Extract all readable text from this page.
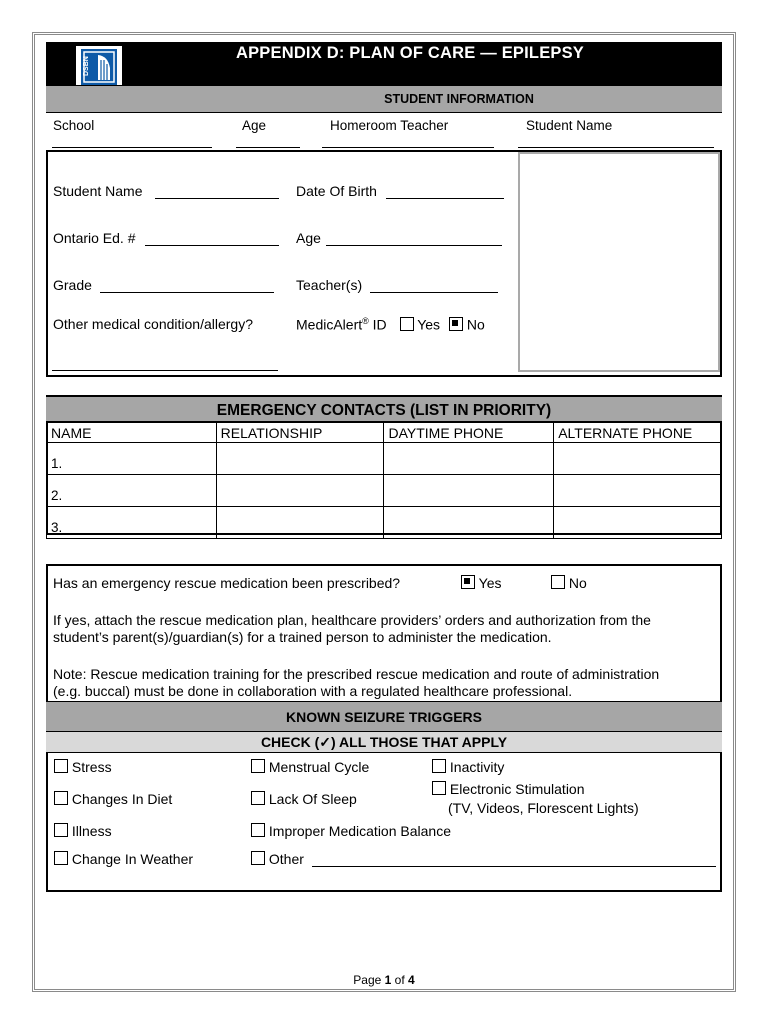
APPENDIX D: PLAN OF CARE — EPILEPSY
DSBN
STUDENT INFORMATION
School	Age	Homeroom Teacher	Student Name
Student Name	Date Of Birth
Ontario Ed. #	Age
Grade	Teacher(s)
Other medical condition/allergy?	MedicAlert® ID Yes No
EMERGENCY CONTACTS (LIST IN PRIORITY)
NAME	RELATIONSHIP	DAYTIME PHONE	ALTERNATE PHONE
1.			
2.			
3.			
Has an emergency rescue medication been prescribed?	Yes	No
If yes, attach the rescue medication plan, healthcare providers’ orders and authorization from the
student’s parent(s)/guardian(s) for a trained person to administer the medication.
Note: Rescue medication training for the prescribed rescue medication and route of administration
(e.g. buccal) must be done in collaboration with a regulated healthcare professional.
KNOWN SEIZURE TRIGGERS
CHECK (✓) ALL THOSE THAT APPLY
Stress	Menstrual Cycle	Inactivity
Changes In Diet	Lack Of Sleep
Electronic Stimulation
(TV, Videos, Florescent Lights)
Illness	Improper Medication Balance
Change In Weather	Other
Page 1 of 4
